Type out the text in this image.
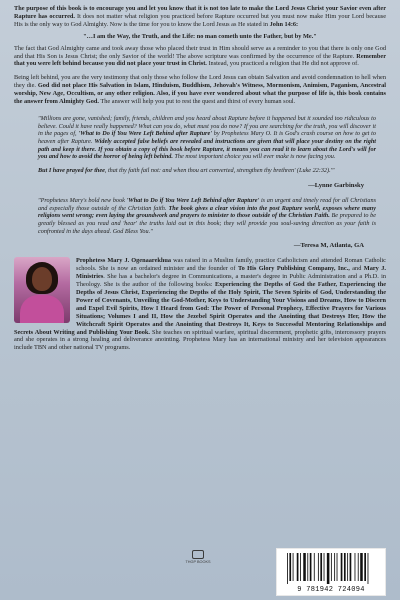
The purpose of this book is to encourage you and let you know that it is not too late to make the Lord Jesus Christ your Savior even after Rapture has occurred. It does not matter what religion you practiced before Rapture occurred but you must now make Him your Lord because His is the only way to God Almighty. Now is the time for you to know the Lord Jesus as He stated in John 14:6:

"…I am the Way, the Truth, and the Life: no man cometh unto the Father, but by Me."

The fact that God Almighty came and took away those who placed their trust in Him should serve as a reminder to you that there is only one God and that His Son is Jesus Christ; the only Savior of the world! The above scripture was confirmed by the occurrence of the Rapture. Remember that you were left behind because you did not place your trust in Christ. Instead, you practiced a religion that He did not approve of.

Being left behind, you are the very testimony that only those who follow the Lord Jesus can obtain Salvation and avoid condemnation to hell when they die. God did not place His Salvation in Islam, Hinduism, Buddhism, Jehovah's Witness, Mormonism, Animism, Paganism, Ancestral worship, New Age, Occultism, or any other religion. Also, if you have ever wondered about what the purpose of life is, this book contains the answer from Almighty God. The answer will help you put to rest the quest and thirst of every human soul.

"Millions are gone, vanished; family, friends, children and you heard about Rapture before it happened but it sounded too ridiculous to believe. Could it have really happened? What can you do, what must you do now? If you are searching for the truth, you will discover it in the pages of, 'What to Do if You Were Left Behind after Rapture' by Prophetess Mary O. It is God's crash course on how to get to heaven after Rapture. Widely accepted false beliefs are revealed and instructions are given that will place your destiny on the right path and keep it there. If you obtain a copy of this book before Rapture, it means you can read it to learn about the Lord's will for you and how to avoid the horror of being left behind. The most important choice you will ever make is now facing you.

But I have prayed for thee, that thy faith fail not: and when thou art converted, strengthen thy brethren' (Luke 22:32).'"

—Lynne Garbinsky

"Prophetess Mary's bold new book 'What to Do if You Were Left Behind after Rapture' is an urgent and timely read for all Christians and especially those outside of the Christian faith. The book gives a clear vision into the post Rapture world, exposes where many religions went wrong; even laying the groundwork and prayers to minister to those outside of the Christian Faith. Be prepared to be greatly blessed as you read and 'hear' the truths laid out in this book; they will provide you soul-saving direction as your faith is confronted in the days ahead. God Bless You."

—Teresa M, Atlanta, GA

Prophetess Mary J. Ogenaarekhua was raised in a Muslim family, practice Catholicism and attended Roman Catholic schools. She is now an ordained minister and the founder of To His Glory Publishing Company, Inc., and Mary J. Ministries. She has a bachelor's degree in Communications, a master's degree in Public Administration and a Ph.D. in Theology. She is the author of the following books: Experiencing the Depths of God the Father, Experiencing the Depths of Jesus Christ, Experiencing the Depths of the Holy Spirit, The Seven Spirits of God, Understanding the Power of Covenants, Unveiling the God-Mother, Keys to Understanding Your Visions and Dreams, How to Discern and Expel Evil Spirits, How I Heard from God: The Power of Personal Prophecy, Effective Prayers for Various Situations; Volumes I and II, How the Jezebel Spirit Operates and the Anointing that Destroys Her, How the Witchcraft Spirit Operates and the Anointing that Destroys It, Keys to Successful Mentoring Relationships and Secrets About Writing and Publishing Your Book. She teaches on spiritual warfare, spiritual discernment, prophetic gifts, intercessory prayers and she operates in a strong healing and deliverance anointing. Prophetess Mary has an international ministry and her television appearances include TBN and other national TV programs.

THGP BOOKS
9 781942 724094
